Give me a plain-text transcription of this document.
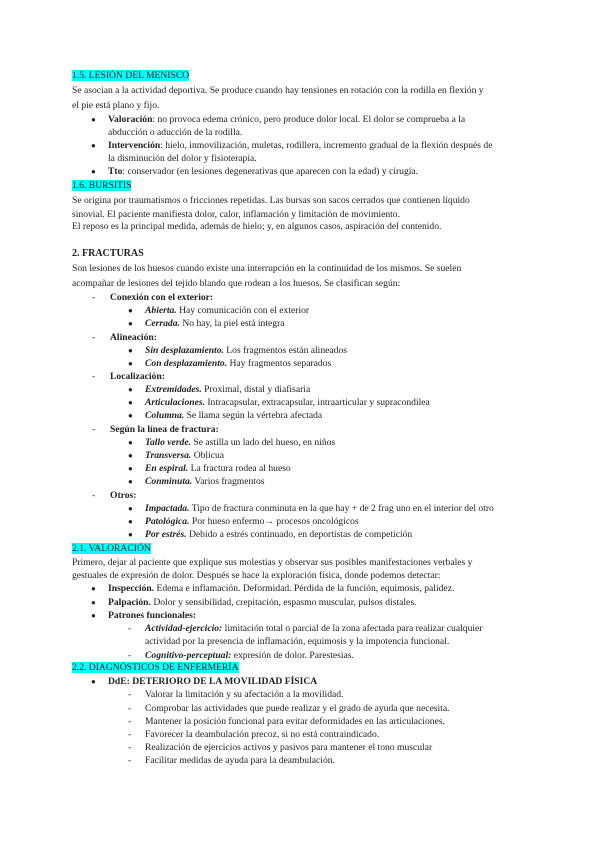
1.5. LESIÓN DEL MENISCO
Se asocian a la actividad deportiva. Se produce cuando hay tensiones en rotación con la rodilla en flexión y
el pie está plano y fijo.
● Valoración: no provoca edema crónico, pero produce dolor local. El dolor se comprueba a la
abducción o aducción de la rodilla.
● Intervención: hielo, inmovilización, muletas, rodillera, incremento gradual de la flexión después de
la disminución del dolor y fisioterapia.
● Tto: conservador (en lesiones degenerativas que aparecen con la edad) y cirugía.
1.6. BURSITIS
Se origina por traumatismos o fricciones repetidas. Las bursas son sacos cerrados que contienen líquido
sinovial. El paciente manifiesta dolor, calor, inflamación y limitación de movimiento.
El reposo es la principal medida, además de hielo; y, en algunos casos, aspiración del contenido.
2. FRACTURAS
Son lesiones de los huesos cuando existe una interrupción en la continuidad de los mismos. Se suelen
acompañar de lesiones del tejido blando que rodean a los huesos. Se clasifican según:
- Conexión con el exterior:
● Abierta. Hay comunicación con el exterior
● Cerrada. No hay, la piel está íntegra
- Alineación:
● Sin desplazamiento. Los fragmentos están alineados
● Con desplazamiento. Hay fragmentos separados
- Localización:
● Extremidades. Proximal, distal y diafisaria
● Articulaciones. Intracapsular, extracapsular, intraarticular y supracondilea
● Columna. Se llama según la vértebra afectada
- Según la línea de fractura:
● Tallo verde. Se astilla un lado del hueso, en niños
● Transversa. Oblicua
● En espiral. La fractura rodea al hueso
● Conminuta. Varios fragmentos
- Otros:
● Impactada. Tipo de fractura conminuta en la que hay + de 2 frag uno en el interior del otro
● Patológica. Por hueso enfermo→ procesos oncológicos
● Por estrés. Debido a estrés continuado, en deportistas de competición
2.1. VALORACIÓN
Primero, dejar al paciente que explique sus molestias y observar sus posibles manifestaciones verbales y
gestuales de expresión de dolor. Después se hace la exploración física, donde podemos detectar:
● Inspección. Edema e inflamación. Deformidad. Pérdida de la función, equimosis, palidez.
● Palpación. Dolor y sensibilidad, crepitación, espasmo muscular, pulsos distales.
● Patrones funcionales:
- Actividad-ejercicio: limitación total o parcial de la zona afectada para realizar cualquier
actividad por la presencia de inflamación, equimosis y la impotencia funcional.
- Cognitivo-perceptual: expresión de dolor. Parestesias.
2.2. DIAGNÓSTICOS DE ENFERMERÍA
● DdE: DETERIORO DE LA MOVILIDAD FÍSICA
- Valorar la limitación y su afectación a la movilidad.
- Comprobar las actividades que puede realizar y el grado de ayuda que necesita.
- Mantener la posición funcional para evitar deformidades en las articulaciones.
- Favorecer la deambulación precoz, si no está contraindicado.
- Realización de ejercicios activos y pasivos para mantener el tono muscular
- Facilitar medidas de ayuda para la deambulación.
